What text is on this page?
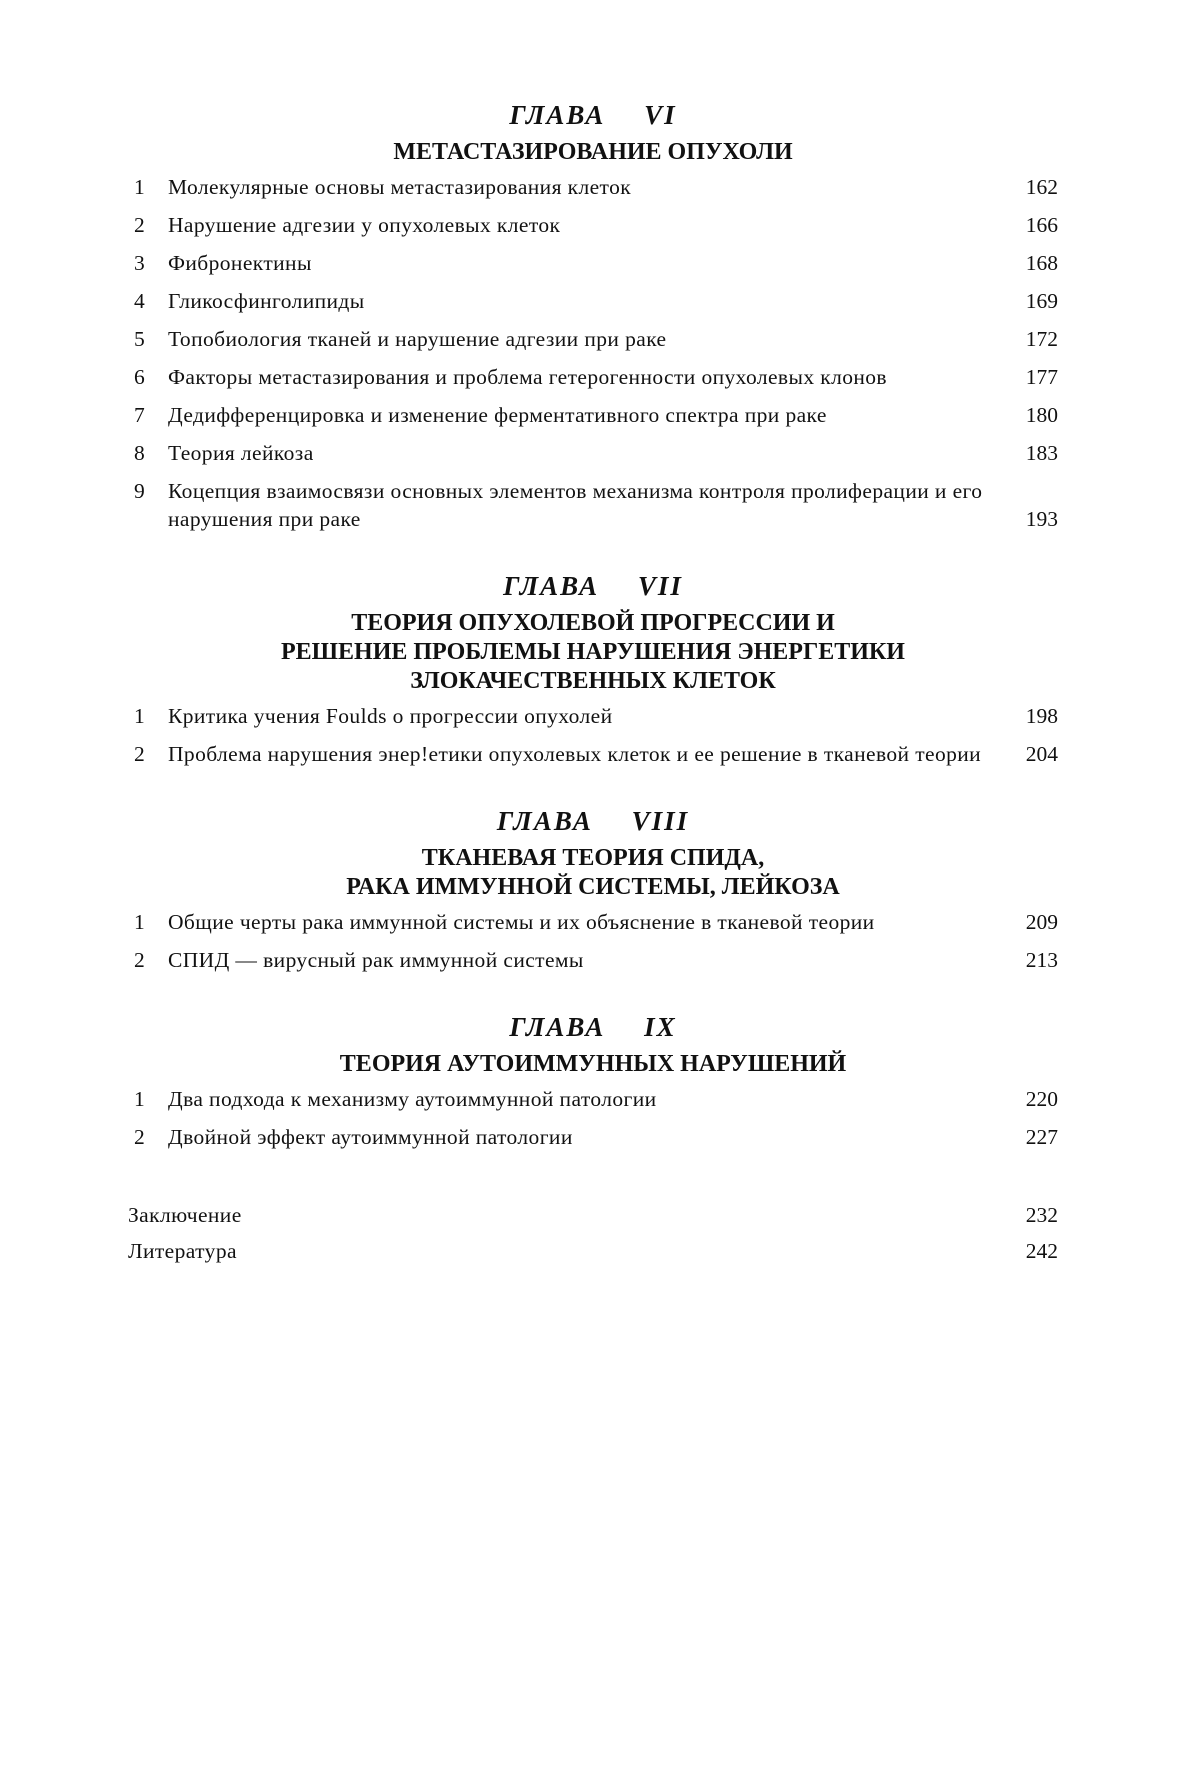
ГЛАВА VI
МЕТАСТАЗИРОВАНИЕ ОПУХОЛИ
1 Молекулярные основы метастазирования клеток	162
2 Нарушение адгезии у опухолевых клеток	166
3 Фибронектины	168
4 Гликосфинголипиды	169
5 Топобиология тканей и нарушение адгезии при раке	172
6 Факторы метастазирования и проблема гетерогенности опухолевых клонов	177
7 Дедифференцировка и изменение ферментативного спектра при раке	180
8 Теория лейкоза	183
9 Коцепция взаимосвязи основных элементов механизма контроля пролиферации и его нарушения при раке	193
ГЛАВА VII
ТЕОРИЯ ОПУХОЛЕВОЙ ПРОГРЕССИИ И
РЕШЕНИЕ ПРОБЛЕМЫ НАРУШЕНИЯ ЭНЕРГЕТИКИ
ЗЛОКАЧЕСТВЕННЫХ КЛЕТОК
1 Критика учения Foulds о прогрессии опухолей	198
2 Проблема нарушения энер!етики опухолевых клеток и ее решение в тканевой теории	204
ГЛАВА VIII
ТКАНЕВАЯ ТЕОРИЯ СПИДА,
РАКА ИММУННОЙ СИСТЕМЫ, ЛЕЙКОЗА
1 Общие черты рака иммунной системы и их объяснение в тканевой теории	209
2 СПИД — вирусный рак иммунной системы	213
ГЛАВА IX
ТЕОРИЯ АУТОИММУННЫХ НАРУШЕНИЙ
1 Два подхода к механизму аутоиммунной патологии	220
2 Двойной эффект аутоиммунной патологии	227
Заключение	232
Литература	242
